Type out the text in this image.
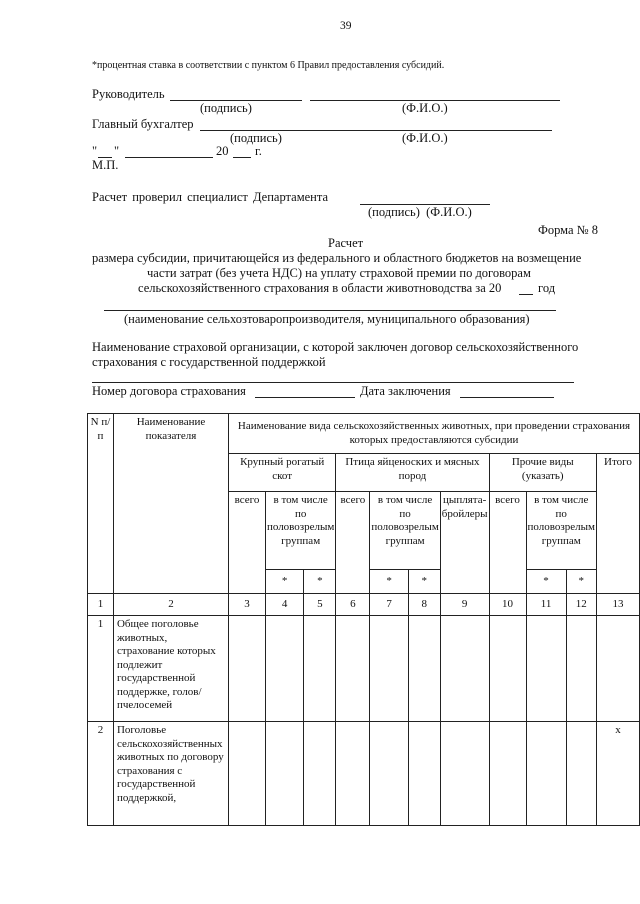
39
*процентная ставка в соответствии с пунктом 6 Правил предоставления субсидий.
Руководитель
(подпись)	(Ф.И.О.)
Главный бухгалтер
(подпись)	(Ф.И.О.)
" "	20 г.
М.П.
Расчет проверил специалист Департамента
(подпись)  (Ф.И.О.)
Форма № 8
Расчет
размера субсидии, причитающейся из федерального и областного бюджетов на возмещение
части затрат (без учета НДС) на уплату страховой премии по договорам
сельскохозяйственного страхования в области животноводства за 20	год
(наименование сельхозтоваропроизводителя, муниципального образования)
Наименование страховой организации, с которой заключен договор сельскохозяйственного
страхования с государственной поддержкой
Номер договора страхования	Дата заключения
N п/п	Наименование показателя	Наименование вида сельскохозяйственных животных, при проведении страхования которых предоставляются субсидии										
		Крупный рогатый скот			Птица яйценоских и мясных пород				Прочие виды (указать)			Итого
		всего	в том числе по половозрелым группам		всего	в том числе по половозрелым группам		цыплята-бройлеры	всего	в том числе по половозрелым группам		
			*	*		*	*			*	*	
1	2	3	4	5	6	7	8	9	10	11	12	13
1	Общее поголовье животных, страхование которых подлежит государственной поддержке, голов/пчелосемей											
2	Поголовье сельскохозяйственных животных по договору страхования с государственной поддержкой,											x
